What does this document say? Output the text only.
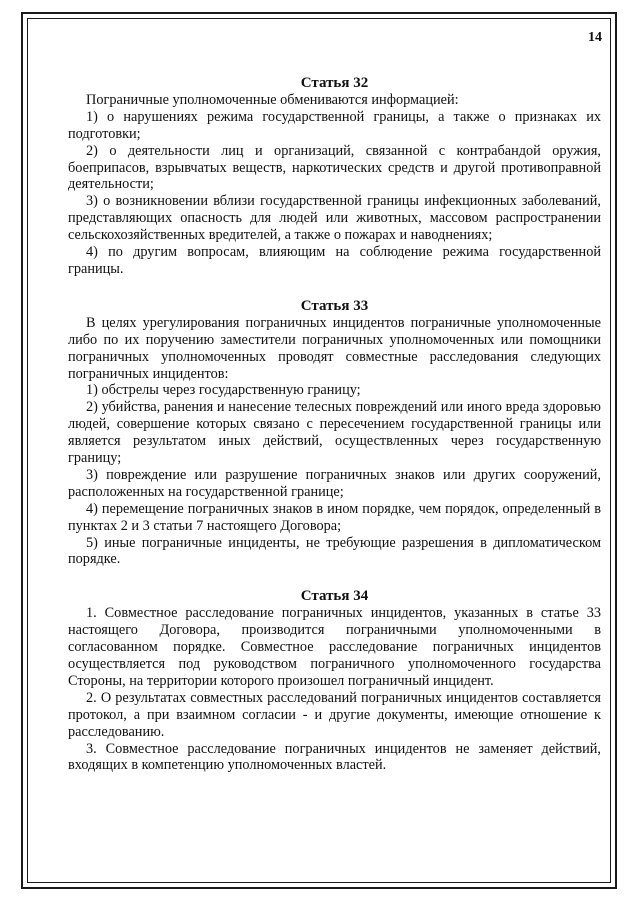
14

Статья 32

Пограничные уполномоченные обмениваются информацией:

1) о нарушениях режима государственной границы, а также о признаках их подготовки;

2) о деятельности лиц и организаций, связанной с контрабандой оружия, боеприпасов, взрывчатых веществ, наркотических средств и другой противоправной деятельности;

3) о возникновении вблизи государственной границы инфекционных заболеваний, представляющих опасность для людей или животных, массовом распространении сельскохозяйственных вредителей, а также о пожарах и наводнениях;

4) по другим вопросам, влияющим на соблюдение режима государственной границы.

Статья 33

В целях урегулирования пограничных инцидентов пограничные уполномоченные либо по их поручению заместители пограничных уполномоченных или помощники пограничных уполномоченных проводят совместные расследования следующих пограничных инцидентов:

1) обстрелы через государственную границу;

2) убийства, ранения и нанесение телесных повреждений или иного вреда здоровью людей, совершение которых связано с пересечением государственной границы или является результатом иных действий, осуществленных через государственную границу;

3) повреждение или разрушение пограничных знаков или других сооружений, расположенных на государственной границе;

4) перемещение пограничных знаков в ином порядке, чем порядок, определенный в пунктах 2 и 3 статьи 7 настоящего Договора;

5) иные пограничные инциденты, не требующие разрешения в дипломатическом порядке.

Статья 34

1. Совместное расследование пограничных инцидентов, указанных в статье 33 настоящего Договора, производится пограничными уполномоченными в согласованном порядке. Совместное расследование пограничных инцидентов осуществляется под руководством пограничного уполномоченного государства Стороны, на территории которого произошел пограничный инцидент.

2. О результатах совместных расследований пограничных инцидентов составляется протокол, а при взаимном согласии - и другие документы, имеющие отношение к расследованию.

3. Совместное расследование пограничных инцидентов не заменяет действий, входящих в компетенцию уполномоченных властей.
